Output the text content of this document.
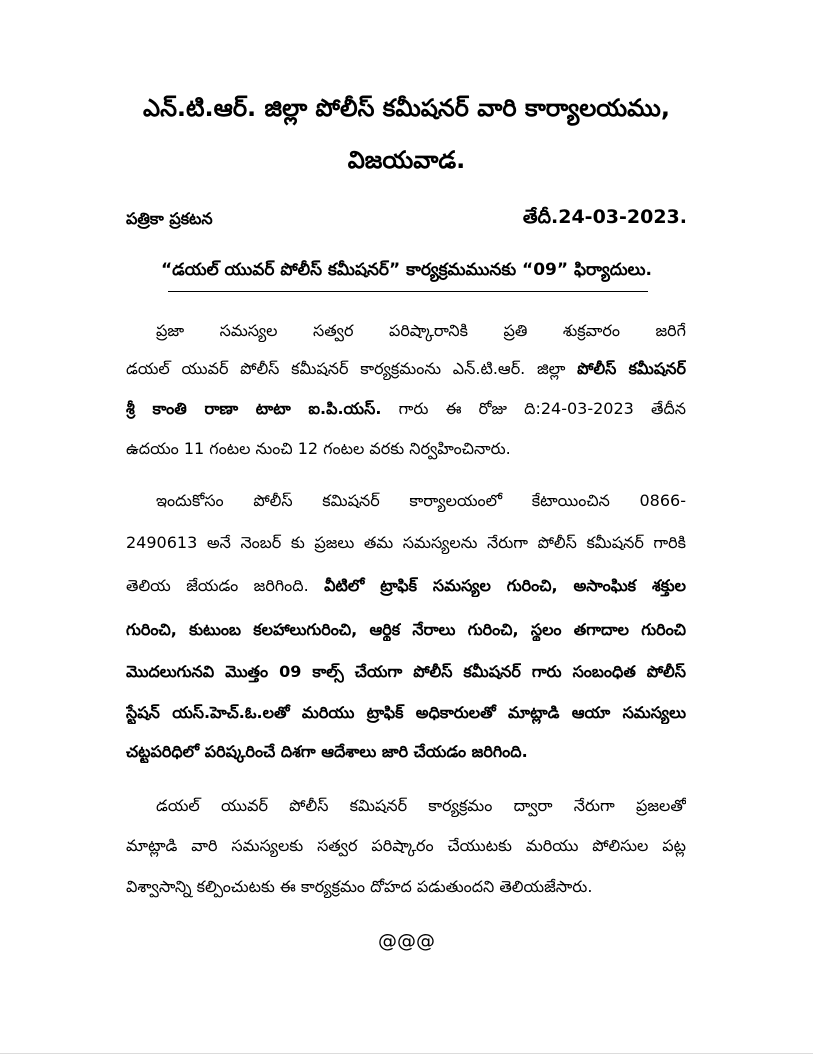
ఎన్.టి.ఆర్. జిల్లా పోలీస్ కమీషనర్ వారి కార్యాలయము,
విజయవాడ.
పత్రికా ప్రకటన	తేదీ.24-03-2023.
“డయల్ యువర్ పోలీస్ కమీషనర్” కార్యక్రమమునకు “09” ఫిర్యాదులు.
ప్రజా సమస్యల సత్వర పరిష్కారానికి ప్రతి శుక్రవారం జరిగే
డయల్ యువర్ పోలీస్ కమీషనర్ కార్యక్రమంను ఎన్.టి.ఆర్. జిల్లా పోలీస్ కమీషనర్
శ్రీ కాంతి రాణా టాటా ఐ.పి.యస్. గారు ఈ రోజు ది:24-03-2023 తేదీన
ఉదయం 11 గంటల నుంచి 12 గంటల వరకు నిర్వహించినారు.
ఇందుకోసం పోలీస్ కమిషనర్ కార్యాలయంలో కేటాయించిన 0866-
2490613 అనే నెంబర్ కు ప్రజలు తమ సమస్యలను నేరుగా పోలీస్ కమీషనర్ గారికి
తెలియ జేయడం జరిగింది. వీటిలో ట్రాఫిక్ సమస్యల గురించి, అసాంఘిక శక్తుల
గురించి, కుటుంబ కలహాలుగురించి, ఆర్థిక నేరాలు గురించి, స్థలం తగాదాల గురించి
మొదలుగునవి మొత్తం 09 కాల్స్ చేయగా పోలీస్ కమీషనర్ గారు సంబంధిత పోలీస్
స్టేషన్ యస్.హెచ్.ఓ.లతో మరియు ట్రాఫిక్ అధికారులతో మాట్లాడి ఆయా సమస్యలు
చట్టపరిధిలో పరిష్కరించే దిశగా ఆదేశాలు జారి చేయడం జరిగింది.
డయల్ యువర్ పోలీస్ కమిషనర్ కార్యక్రమం ద్వారా నేరుగా ప్రజలతో
మాట్లాడి వారి సమస్యలకు సత్వర పరిష్కారం చేయుటకు మరియు పోలిసుల పట్ల
విశ్వాసాన్ని కల్పించుటకు ఈ కార్యక్రమం దోహద పడుతుందని తెలియజేసారు.
@@@
